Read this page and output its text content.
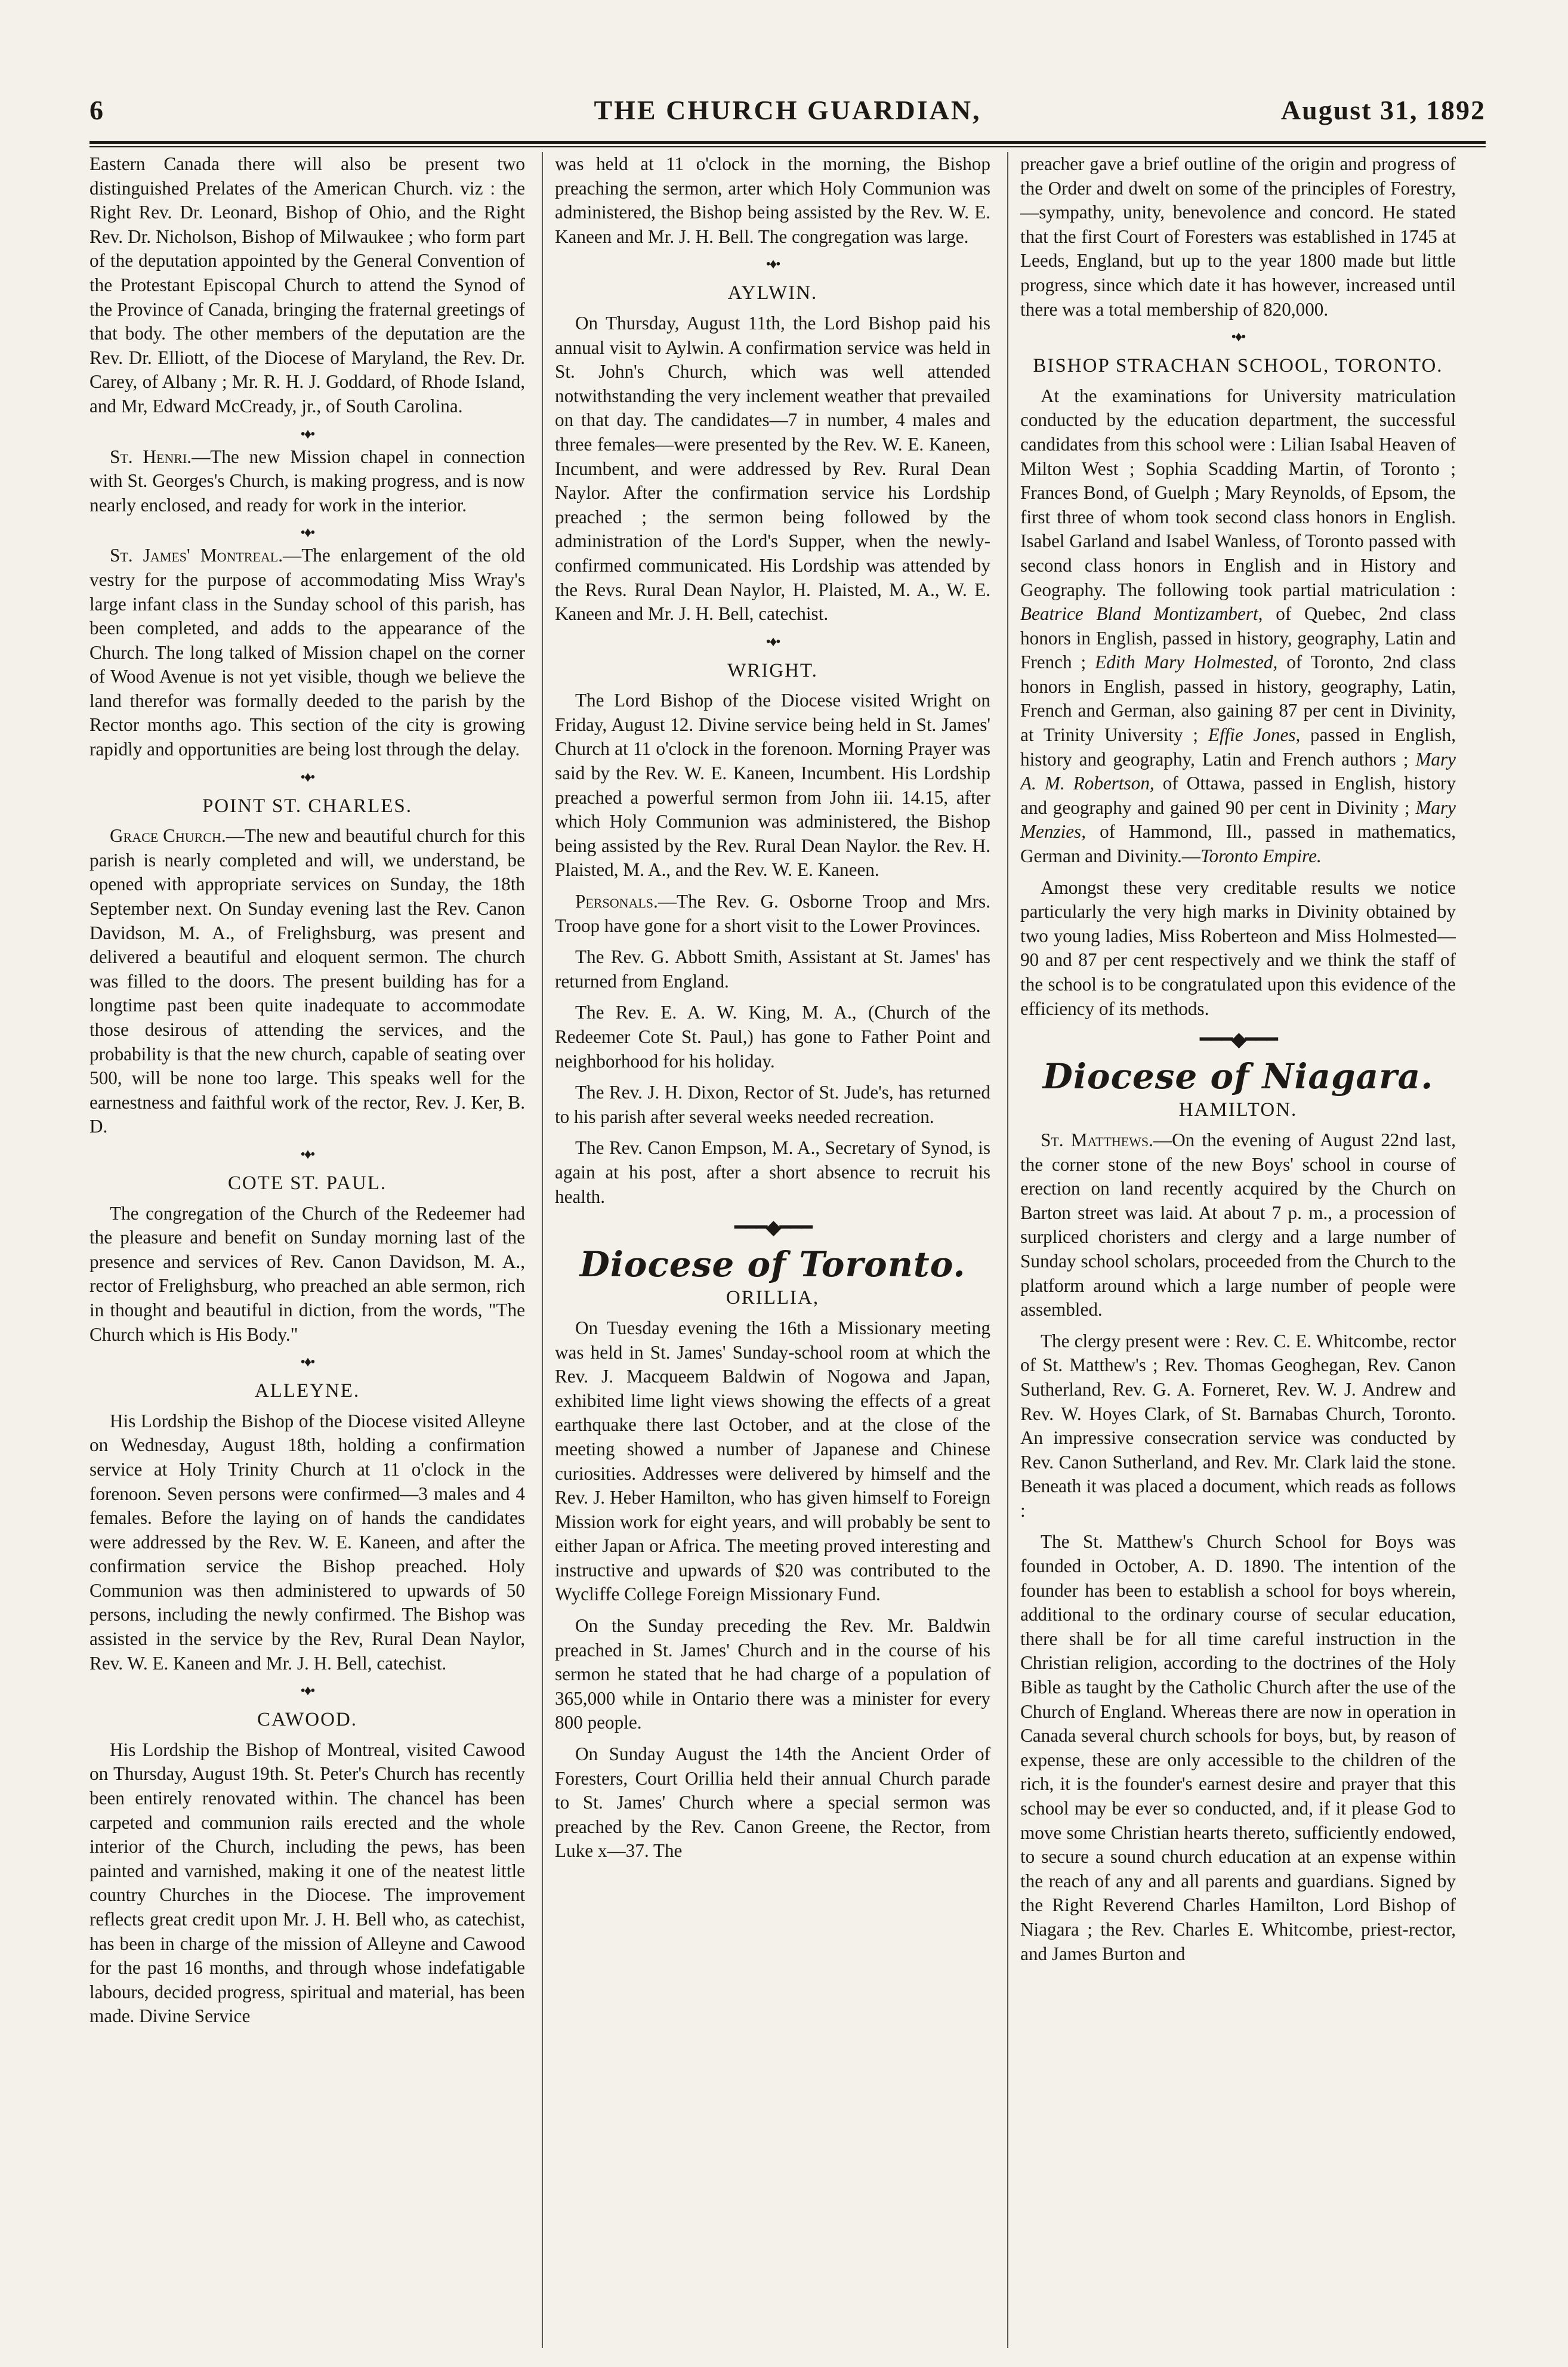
THE CHURCH GUARDIAN,
6	August 31, 1892

Eastern Canada there will also be present two distinguished Prelates of the American Church. viz : the Right Rev. Dr. Leonard, Bishop of Ohio, and the Right Rev. Dr. Nicholson, Bishop of Milwaukee ; who form part of the deputation appointed by the General Convention of the Protestant Episcopal Church to attend the Synod of the Province of Canada, bringing the fraternal greetings of that body. The other members of the deputation are the Rev. Dr. Elliott, of the Diocese of Maryland, the Rev. Dr. Carey, of Albany ; Mr. R. H. J. Goddard, of Rhode Island, and Mr, Edward McCready, jr., of South Carolina.

•♦•

St. Henri.—The new Mission chapel in connection with St. Georges's Church, is making progress, and is now nearly enclosed, and ready for work in the interior.

•♦•

St. James' Montreal.—The enlargement of the old vestry for the purpose of accommodating Miss Wray's large infant class in the Sunday school of this parish, has been completed, and adds to the appearance of the Church. The long talked of Mission chapel on the corner of Wood Avenue is not yet visible, though we believe the land therefor was formally deeded to the parish by the Rector months ago. This section of the city is growing rapidly and opportunities are being lost through the delay.

•♦•
POINT ST. CHARLES.

Grace Church.—The new and beautiful church for this parish is nearly completed and will, we understand, be opened with appropriate services on Sunday, the 18th September next. On Sunday evening last the Rev. Canon Davidson, M. A., of Frelighsburg, was present and delivered a beautiful and eloquent sermon. The church was filled to the doors. The present building has for a longtime past been quite inadequate to accommodate those desirous of attending the services, and the probability is that the new church, capable of seating over 500, will be none too large. This speaks well for the earnestness and faithful work of the rector, Rev. J. Ker, B. D.

•♦•
COTE ST. PAUL.

The congregation of the Church of the Redeemer had the pleasure and benefit on Sunday morning last of the presence and services of Rev. Canon Davidson, M. A., rector of Frelighsburg, who preached an able sermon, rich in thought and beautiful in diction, from the words, "The Church which is His Body."

•♦•
ALLEYNE.

His Lordship the Bishop of the Diocese visited Alleyne on Wednesday, August 18th, holding a confirmation service at Holy Trinity Church at 11 o'clock in the forenoon. Seven persons were confirmed—3 males and 4 females. Before the laying on of hands the candidates were addressed by the Rev. W. E. Kaneen, and after the confirmation service the Bishop preached. Holy Communion was then administered to upwards of 50 persons, including the newly confirmed. The Bishop was assisted in the service by the Rev, Rural Dean Naylor, Rev. W. E. Kaneen and Mr. J. H. Bell, catechist.

•♦•
CAWOOD.

His Lordship the Bishop of Montreal, visited Cawood on Thursday, August 19th. St. Peter's Church has recently been entirely renovated within. The chancel has been carpeted and communion rails erected and the whole interior of the Church, including the pews, has been painted and varnished, making it one of the neatest little country Churches in the Diocese. The improvement reflects great credit upon Mr. J. H. Bell who, as catechist, has been in charge of the mission of Alleyne and Cawood for the past 16 months, and through whose indefatigable labours, decided progress, spiritual and material, has been made. Divine Service

was held at 11 o'clock in the morning, the Bishop preaching the sermon, arter which Holy Communion was administered, the Bishop being assisted by the Rev. W. E. Kaneen and Mr. J. H. Bell. The congregation was large.

•♦•
AYLWIN.

On Thursday, August 11th, the Lord Bishop paid his annual visit to Aylwin. A confirmation service was held in St. John's Church, which was well attended notwithstanding the very inclement weather that prevailed on that day. The candidates—7 in number, 4 males and three females—were presented by the Rev. W. E. Kaneen, Incumbent, and were addressed by Rev. Rural Dean Naylor. After the confirmation service his Lordship preached ; the sermon being followed by the administration of the Lord's Supper, when the newly-confirmed communicated. His Lordship was attended by the Revs. Rural Dean Naylor, H. Plaisted, M. A., W. E. Kaneen and Mr. J. H. Bell, catechist.

•♦•
WRIGHT.

The Lord Bishop of the Diocese visited Wright on Friday, August 12. Divine service being held in St. James' Church at 11 o'clock in the forenoon. Morning Prayer was said by the Rev. W. E. Kaneen, Incumbent. His Lordship preached a powerful sermon from John iii. 14.15, after which Holy Communion was administered, the Bishop being assisted by the Rev. Rural Dean Naylor. the Rev. H. Plaisted, M. A., and the Rev. W. E. Kaneen.

Personals.—The Rev. G. Osborne Troop and Mrs. Troop have gone for a short visit to the Lower Provinces.

The Rev. G. Abbott Smith, Assistant at St. James' has returned from England.

The Rev. E. A. W. King, M. A., (Church of the Redeemer Cote St. Paul,) has gone to Father Point and neighborhood for his holiday.

The Rev. J. H. Dixon, Rector of St. Jude's, has returned to his parish after several weeks needed recreation.

The Rev. Canon Empson, M. A., Secretary of Synod, is again at his post, after a short absence to recruit his health.

━━━◆━━━
Diocese of Toronto.
ORILLIA,

On Tuesday evening the 16th a Missionary meeting was held in St. James' Sunday-school room at which the Rev. J. Macqueem Baldwin of Nogowa and Japan, exhibited lime light views showing the effects of a great earthquake there last October, and at the close of the meeting showed a number of Japanese and Chinese curiosities. Addresses were delivered by himself and the Rev. J. Heber Hamilton, who has given himself to Foreign Mission work for eight years, and will probably be sent to either Japan or Africa. The meeting proved interesting and instructive and upwards of $20 was contributed to the Wycliffe College Foreign Missionary Fund.

On the Sunday preceding the Rev. Mr. Baldwin preached in St. James' Church and in the course of his sermon he stated that he had charge of a population of 365,000 while in Ontario there was a minister for every 800 people.

On Sunday August the 14th the Ancient Order of Foresters, Court Orillia held their annual Church parade to St. James' Church where a special sermon was preached by the Rev. Canon Greene, the Rector, from Luke x—37. The

preacher gave a brief outline of the origin and progress of the Order and dwelt on some of the principles of Forestry,—sympathy, unity, benevolence and concord. He stated that the first Court of Foresters was established in 1745 at Leeds, England, but up to the year 1800 made but little progress, since which date it has however, increased until there was a total membership of 820,000.

•♦•
BISHOP STRACHAN SCHOOL, TORONTO.

At the examinations for University matriculation conducted by the education department, the successful candidates from this school were : Lilian Isabal Heaven of Milton West ; Sophia Scadding Martin, of Toronto ; Frances Bond, of Guelph ; Mary Reynolds, of Epsom, the first three of whom took second class honors in English. Isabel Garland and Isabel Wanless, of Toronto passed with second class honors in English and in History and Geography. The following took partial matriculation : Beatrice Bland Montizambert, of Quebec, 2nd class honors in English, passed in history, geography, Latin and French ; Edith Mary Holmested, of Toronto, 2nd class honors in English, passed in history, geography, Latin, French and German, also gaining 87 per cent in Divinity, at Trinity University ; Effie Jones, passed in English, history and geography, Latin and French authors ; Mary A. M. Robertson, of Ottawa, passed in English, history and geography and gained 90 per cent in Divinity ; Mary Menzies, of Hammond, Ill., passed in mathematics, German and Divinity.—Toronto Empire.

Amongst these very creditable results we notice particularly the very high marks in Divinity obtained by two young ladies, Miss Roberteon and Miss Holmested—90 and 87 per cent respectively and we think the staff of the school is to be congratulated upon this evidence of the efficiency of its methods.

━━━◆━━━
Diocese of Niagara.
HAMILTON.

St. Matthews.—On the evening of August 22nd last, the corner stone of the new Boys' school in course of erection on land recently acquired by the Church on Barton street was laid. At about 7 p. m., a procession of surpliced choristers and clergy and a large number of Sunday school scholars, proceeded from the Church to the platform around which a large number of people were assembled.

The clergy present were : Rev. C. E. Whitcombe, rector of St. Matthew's ; Rev. Thomas Geoghegan, Rev. Canon Sutherland, Rev. G. A. Forneret, Rev. W. J. Andrew and Rev. W. Hoyes Clark, of St. Barnabas Church, Toronto. An impressive consecration service was conducted by Rev. Canon Sutherland, and Rev. Mr. Clark laid the stone. Beneath it was placed a document, which reads as follows :

The St. Matthew's Church School for Boys was founded in October, A. D. 1890. The intention of the founder has been to establish a school for boys wherein, additional to the ordinary course of secular education, there shall be for all time careful instruction in the Christian religion, according to the doctrines of the Holy Bible as taught by the Catholic Church after the use of the Church of England. Whereas there are now in operation in Canada several church schools for boys, but, by reason of expense, these are only accessible to the children of the rich, it is the founder's earnest desire and prayer that this school may be ever so conducted, and, if it please God to move some Christian hearts thereto, sufficiently endowed, to secure a sound church education at an expense within the reach of any and all parents and guardians. Signed by the Right Reverend Charles Hamilton, Lord Bishop of Niagara ; the Rev. Charles E. Whitcombe, priest-rector, and James Burton and
